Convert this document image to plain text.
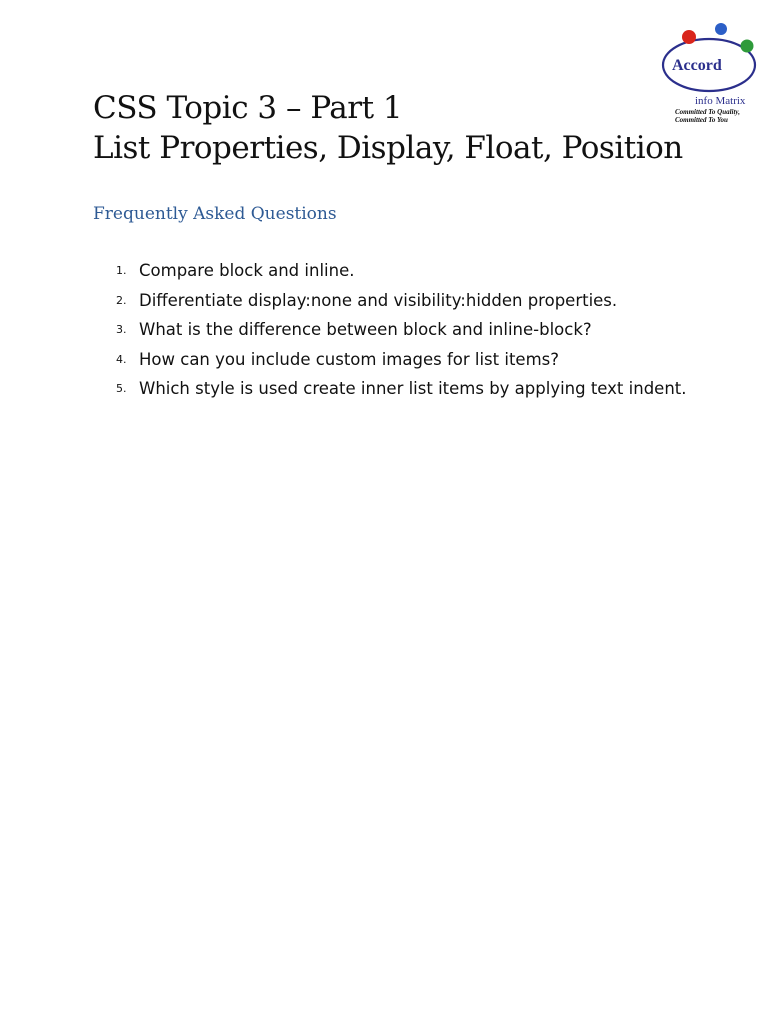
Accord
info Matrix
Committed To Quality,
Committed To You
CSS Topic 3 – Part 1
List Properties, Display, Float, Position
Frequently Asked Questions
1. Compare block and inline.
2. Differentiate display:none and visibility:hidden properties.
3. What is the difference between block and inline-block?
4. How can you include custom images for list items?
5. Which style is used create inner list items by applying text indent.
